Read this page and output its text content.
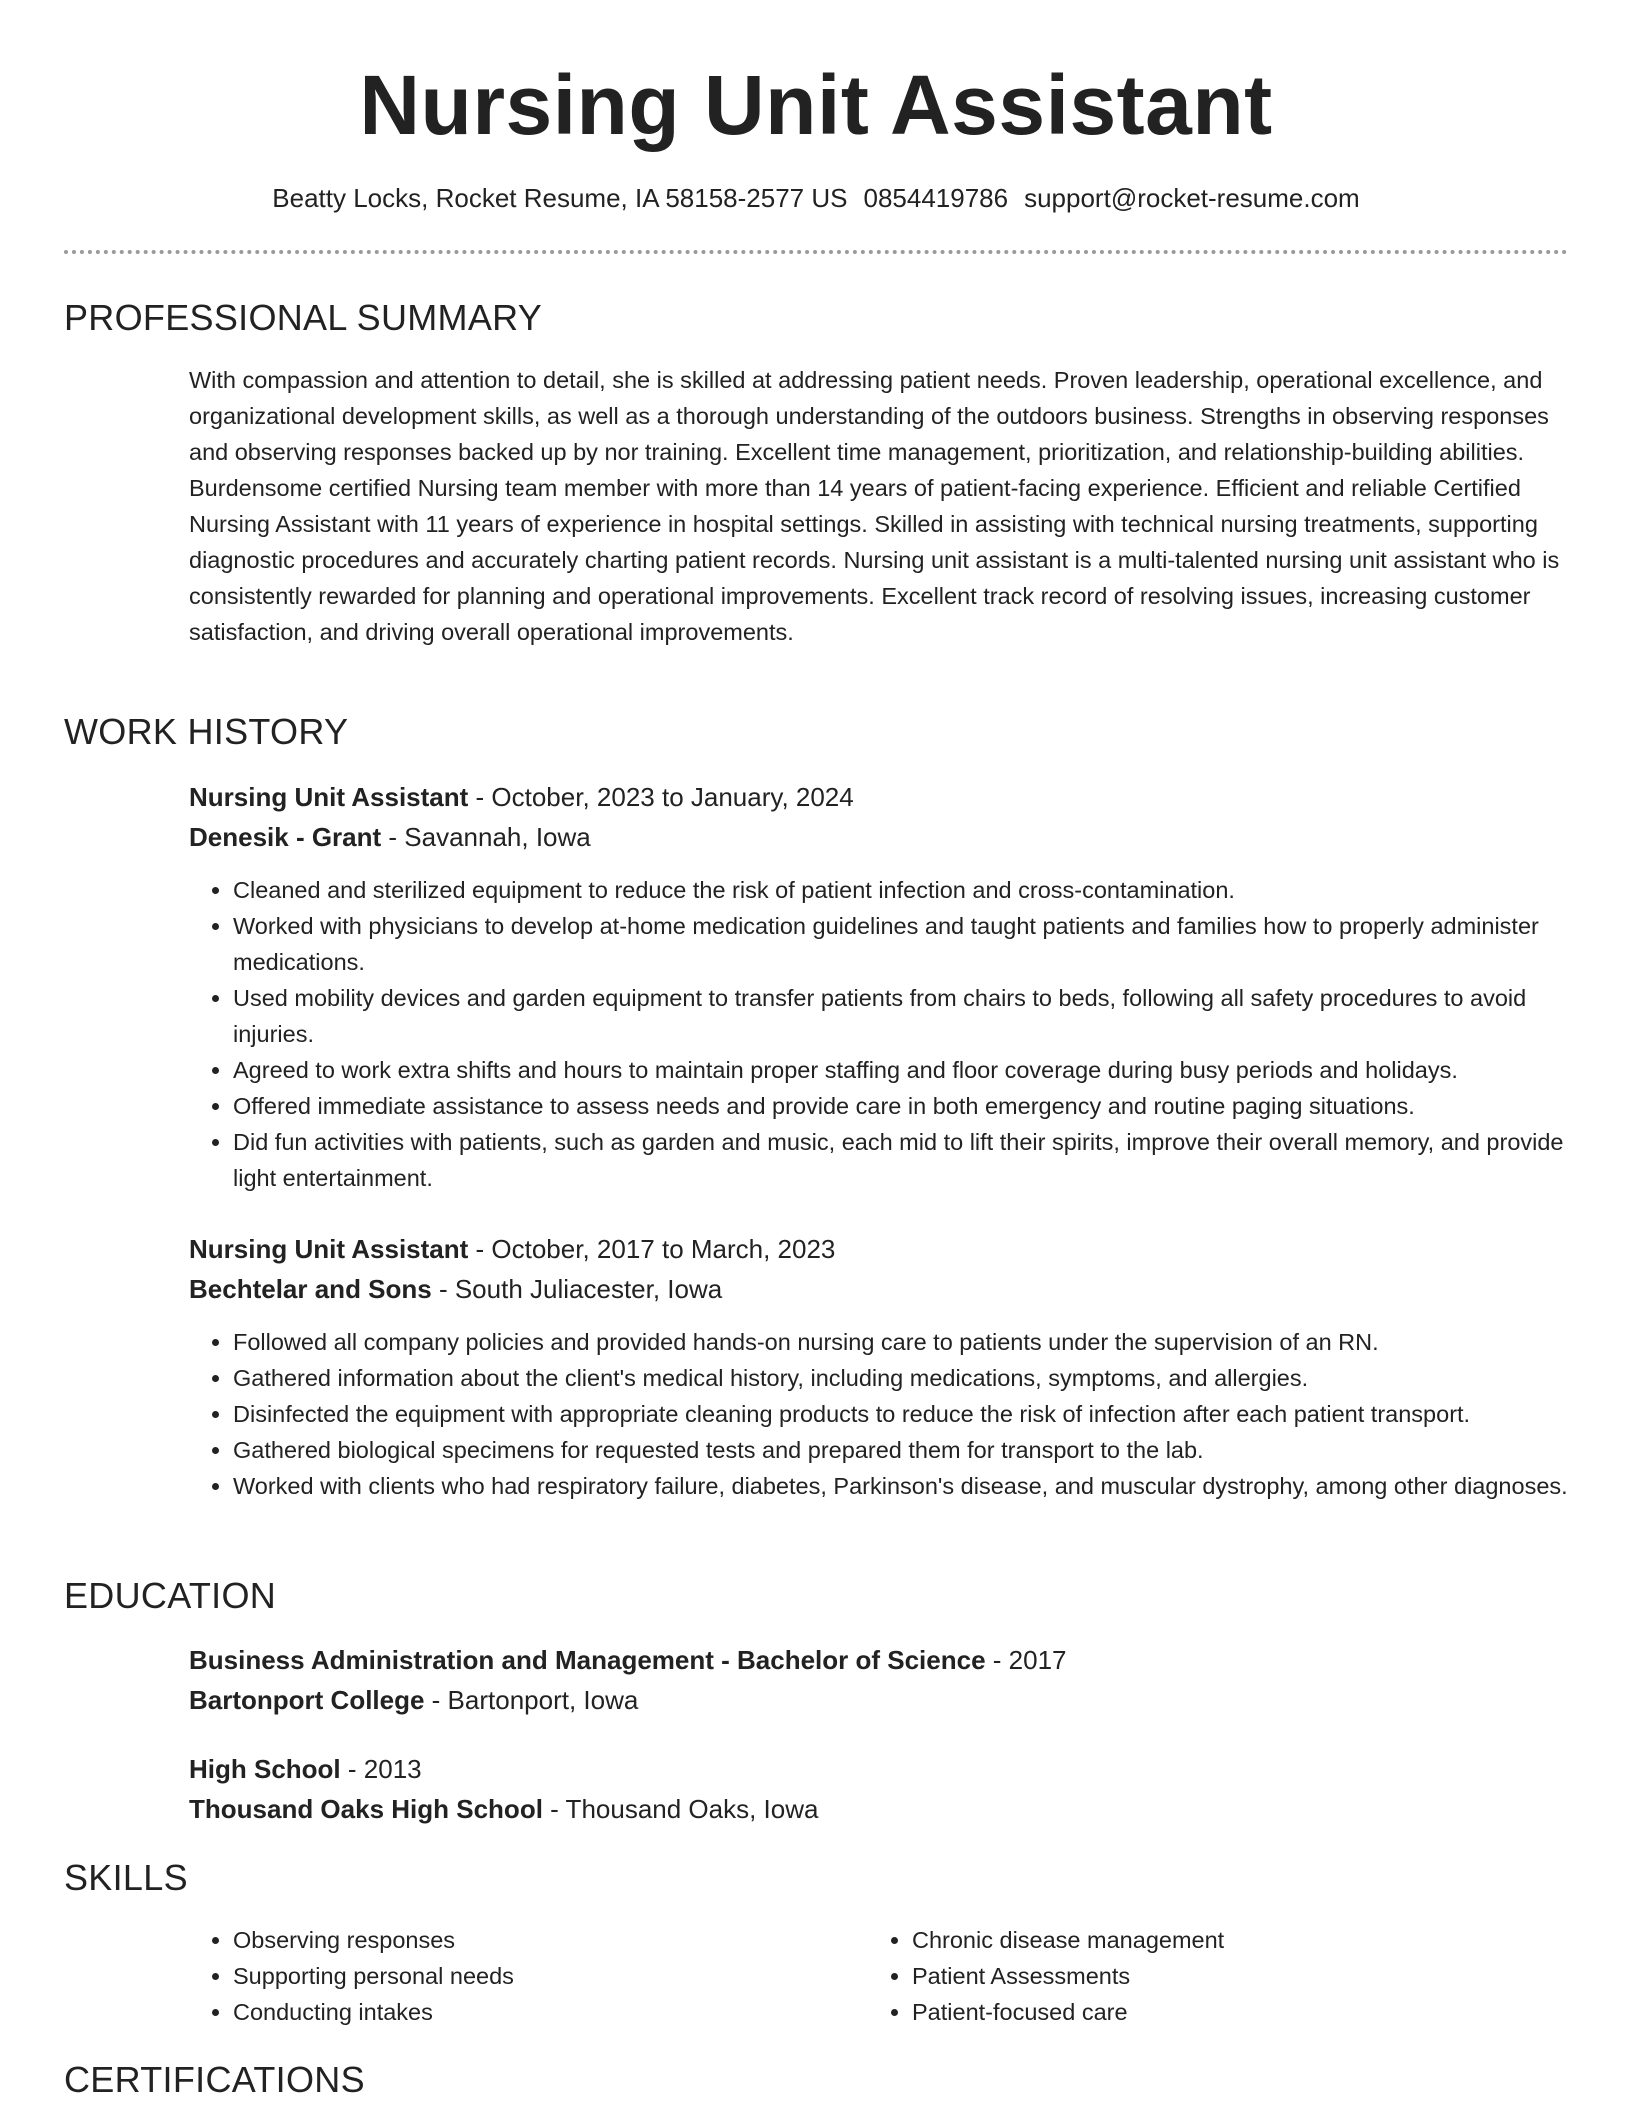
Nursing Unit Assistant
Beatty Locks, Rocket Resume, IA 58158-2577 US 0854419786 support@rocket-resume.com
PROFESSIONAL SUMMARY
With compassion and attention to detail, she is skilled at addressing patient needs. Proven leadership, operational excellence, and organizational development skills, as well as a thorough understanding of the outdoors business. Strengths in observing responses and observing responses backed up by nor training. Excellent time management, prioritization, and relationship-building abilities. Burdensome certified Nursing team member with more than 14 years of patient-facing experience. Efficient and reliable Certified Nursing Assistant with 11 years of experience in hospital settings. Skilled in assisting with technical nursing treatments, supporting diagnostic procedures and accurately charting patient records. Nursing unit assistant is a multi-talented nursing unit assistant who is consistently rewarded for planning and operational improvements. Excellent track record of resolving issues, increasing customer satisfaction, and driving overall operational improvements.
WORK HISTORY
Nursing Unit Assistant - October, 2023 to January, 2024
Denesik - Grant - Savannah, Iowa
• Cleaned and sterilized equipment to reduce the risk of patient infection and cross-contamination.
• Worked with physicians to develop at-home medication guidelines and taught patients and families how to properly administer medications.
• Used mobility devices and garden equipment to transfer patients from chairs to beds, following all safety procedures to avoid injuries.
• Agreed to work extra shifts and hours to maintain proper staffing and floor coverage during busy periods and holidays.
• Offered immediate assistance to assess needs and provide care in both emergency and routine paging situations.
• Did fun activities with patients, such as garden and music, each mid to lift their spirits, improve their overall memory, and provide light entertainment.
Nursing Unit Assistant - October, 2017 to March, 2023
Bechtelar and Sons - South Juliacester, Iowa
• Followed all company policies and provided hands-on nursing care to patients under the supervision of an RN.
• Gathered information about the client's medical history, including medications, symptoms, and allergies.
• Disinfected the equipment with appropriate cleaning products to reduce the risk of infection after each patient transport.
• Gathered biological specimens for requested tests and prepared them for transport to the lab.
• Worked with clients who had respiratory failure, diabetes, Parkinson's disease, and muscular dystrophy, among other diagnoses.
EDUCATION
Business Administration and Management - Bachelor of Science - 2017
Bartonport College - Bartonport, Iowa
High School - 2013
Thousand Oaks High School - Thousand Oaks, Iowa
SKILLS
• Observing responses
• Supporting personal needs
• Conducting intakes
• Chronic disease management
• Patient Assessments
• Patient-focused care
CERTIFICATIONS
